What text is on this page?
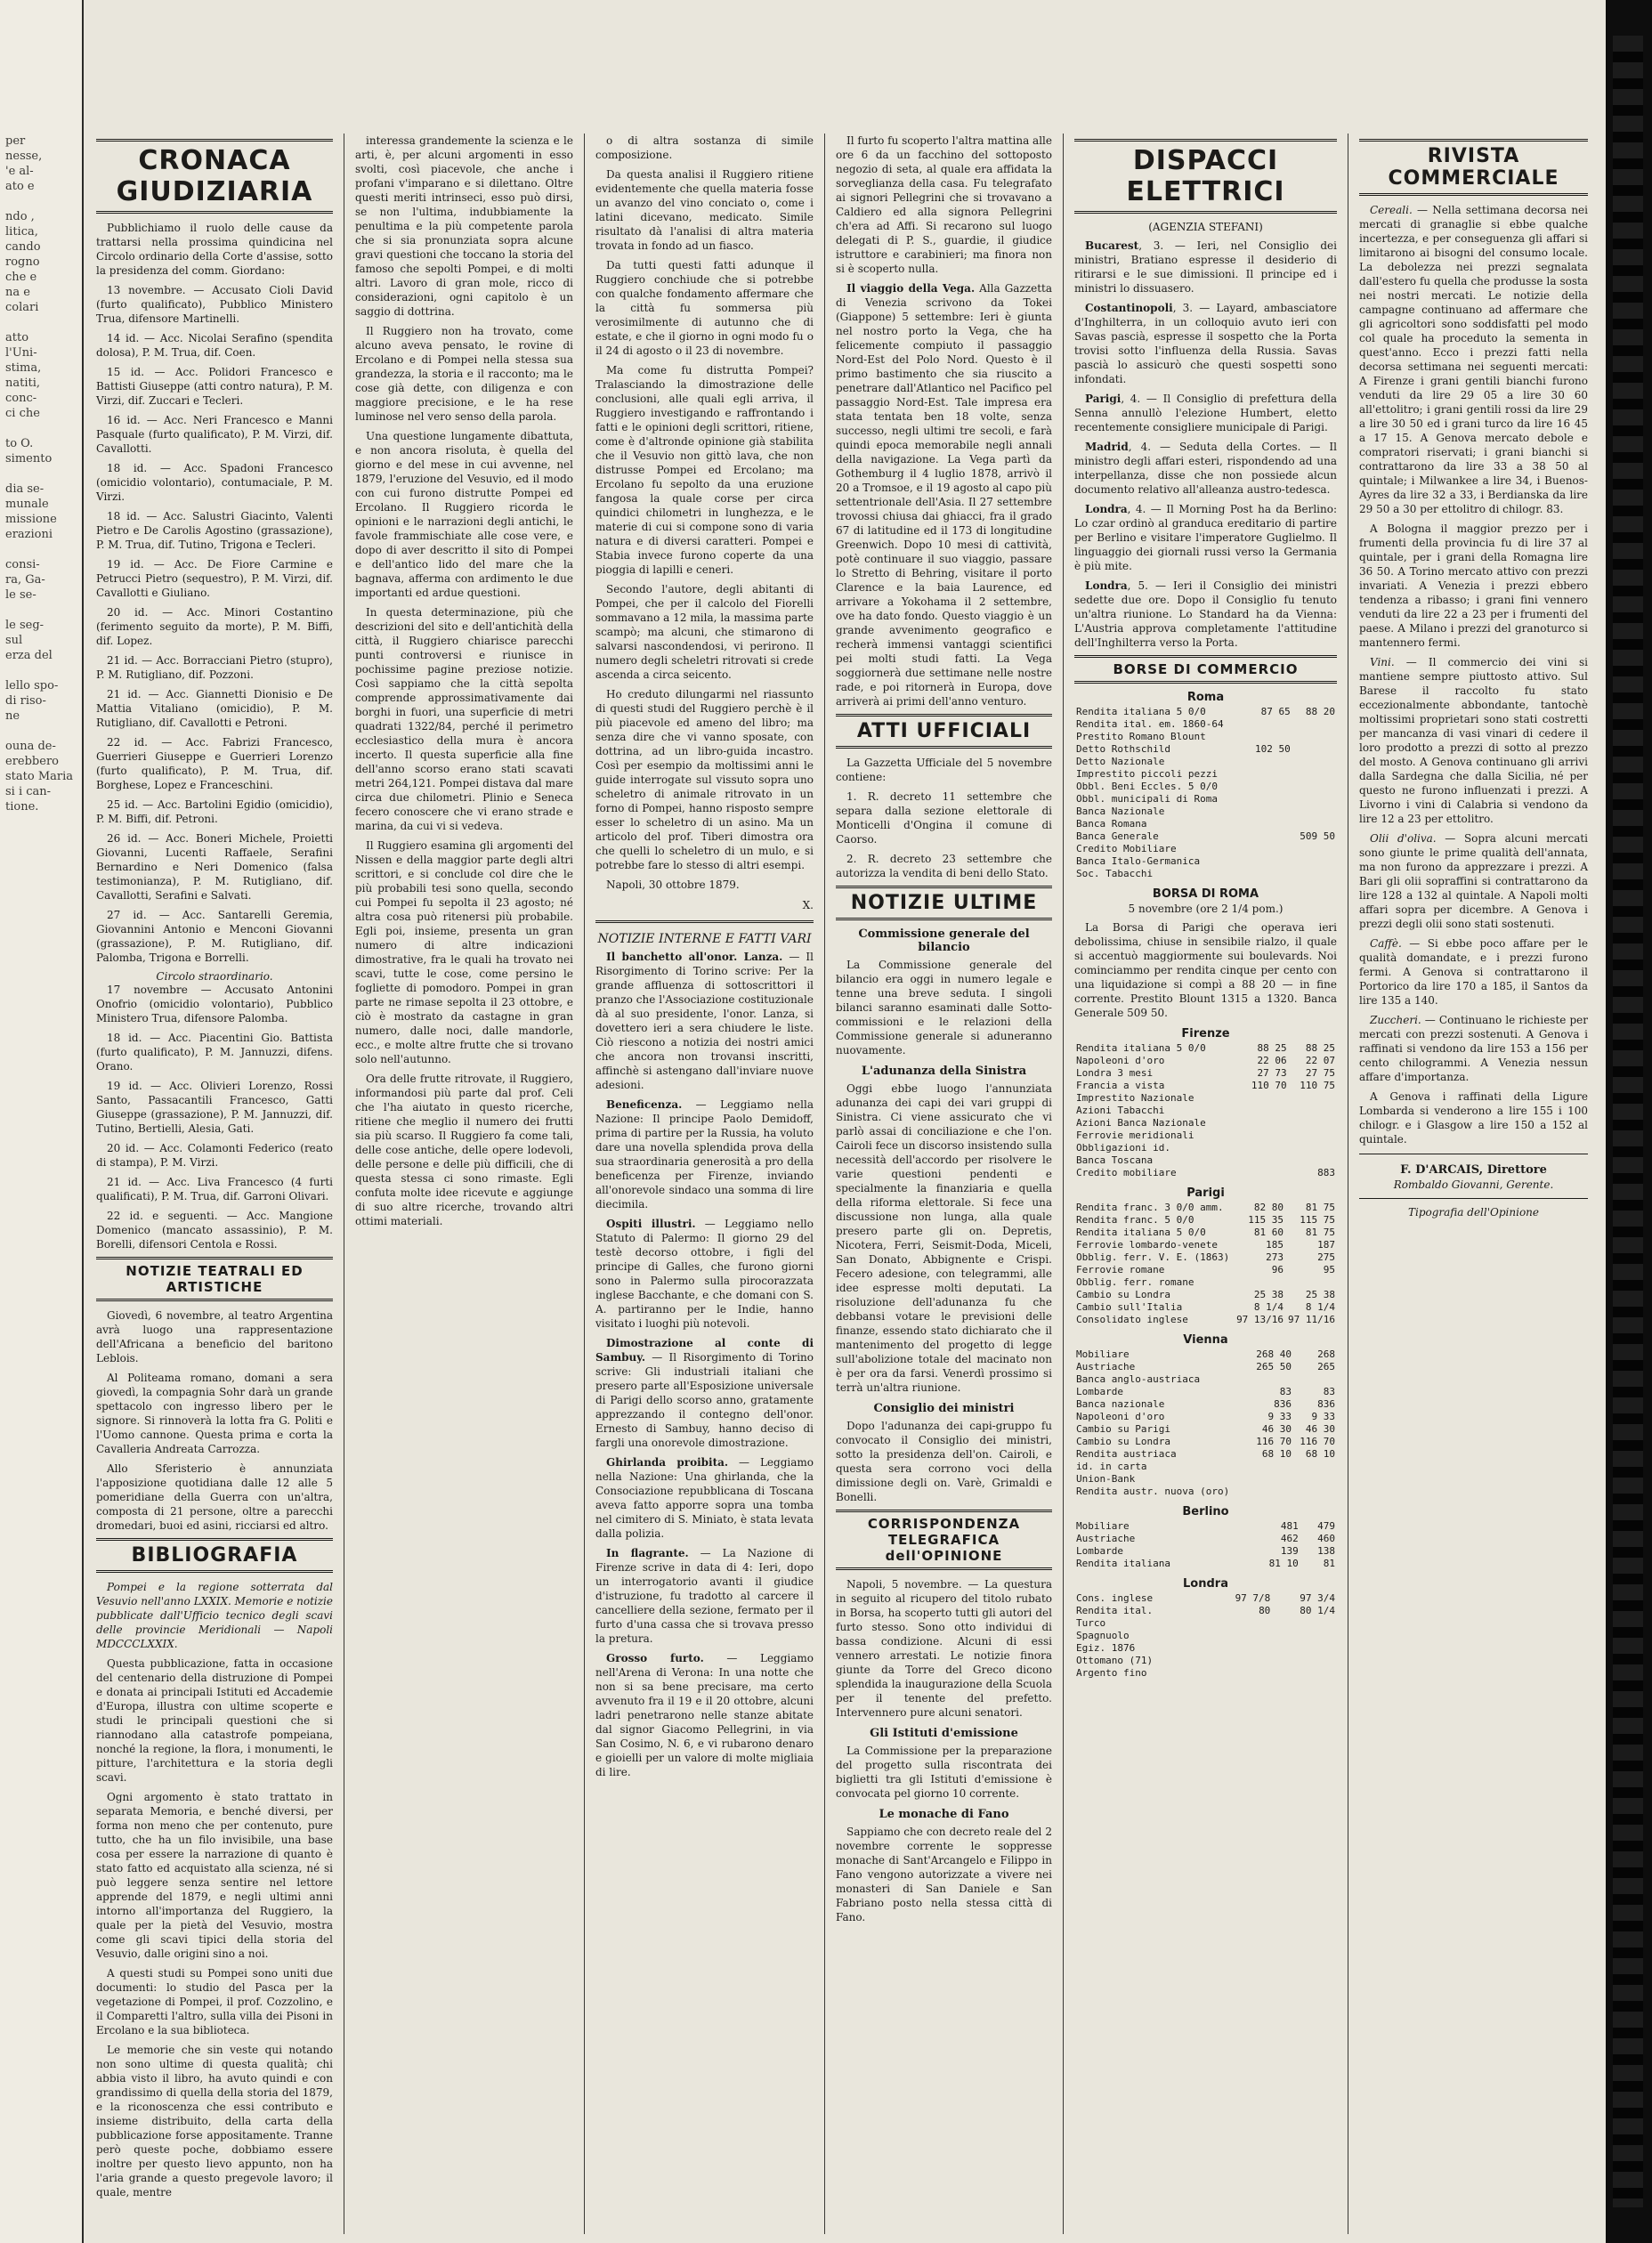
per
nesse,
'e al-
ato e

ndo ,
litica,
cando
rogno
che e
na e
colari

atto
l'Uni-
stima,
natiti,
conc-
ci che

to O.
simento

dia se-
munale
missione
erazioni

consi-
ra, Ga-
le se-

le seg-
sul
erza del

lello spo-
di riso-
ne

ouna de-
erebbero
stato Maria
si i can-
tione.
CRONACA GIUDIZIARIA

Pubblichiamo il ruolo delle cause da trattarsi nella prossima quindicina nel Circolo ordinario della Corte d'assise, sotto la presidenza del comm. Giordano:

13 novembre. — Accusato Cioli David (furto qualificato), Pubblico Ministero Trua, difensore Martinelli.

14 id. — Acc. Nicolai Serafino (spendita dolosa), P. M. Trua, dif. Coen.

15 id. — Acc. Polidori Francesco e Battisti Giuseppe (atti contro natura), P. M. Virzi, dif. Zuccari e Tecleri.

16 id. — Acc. Neri Francesco e Manni Pasquale (furto qualificato), P. M. Virzi, dif. Cavallotti.

18 id. — Acc. Spadoni Francesco (omicidio volontario), contumaciale, P. M. Virzi.

18 id. — Acc. Salustri Giacinto, Valenti Pietro e De Carolis Agostino (grassazione), P. M. Trua, dif. Tutino, Trigona e Tecleri.

19 id. — Acc. De Fiore Carmine e Petrucci Pietro (sequestro), P. M. Virzi, dif. Cavallotti e Giuliano.

20 id. — Acc. Minori Costantino (ferimento seguito da morte), P. M. Biffi, dif. Lopez.

21 id. — Acc. Borracciani Pietro (stupro), P. M. Rutigliano, dif. Pozzoni.

21 id. — Acc. Giannetti Dionisio e De Mattia Vitaliano (omicidio), P. M. Rutigliano, dif. Cavallotti e Petroni.

22 id. — Acc. Fabrizi Francesco, Guerrieri Giuseppe e Guerrieri Lorenzo (furto qualificato), P. M. Trua, dif. Borghese, Lopez e Franceschini.

25 id. — Acc. Bartolini Egidio (omicidio), P. M. Biffi, dif. Petroni.

26 id. — Acc. Boneri Michele, Proietti Giovanni, Lucenti Raffaele, Serafini Bernardino e Neri Domenico (falsa testimonianza), P. M. Rutigliano, dif. Cavallotti, Serafini e Salvati.

27 id. — Acc. Santarelli Geremia, Giovannini Antonio e Menconi Giovanni (grassazione), P. M. Rutigliano, dif. Palomba, Trigona e Borrelli.

Circolo straordinario.

17 novembre — Accusato Antonini Onofrio (omicidio volontario), Pubblico Ministero Trua, difensore Palomba.

18 id. — Acc. Piacentini Gio. Battista (furto qualificato), P. M. Jannuzzi, difens. Orano.

19 id. — Acc. Olivieri Lorenzo, Rossi Santo, Passacantili Francesco, Gatti Giuseppe (grassazione), P. M. Jannuzzi, dif. Tutino, Bertielli, Alesia, Gati.

20 id. — Acc. Colamonti Federico (reato di stampa), P. M. Virzi.

21 id. — Acc. Liva Francesco (4 furti qualificati), P. M. Trua, dif. Garroni Olivari.

22 id. e seguenti. — Acc. Mangione Domenico (mancato assassinio), P. M. Borelli, difensori Centola e Rossi.

NOTIZIE TEATRALI ED ARTISTICHE

Giovedì, 6 novembre, al teatro Argentina avrà luogo una rappresentazione dell'Africana a beneficio del baritono Leblois.

Al Politeama romano, domani a sera giovedì, la compagnia Sohr darà un grande spettacolo con ingresso libero per le signore. Si rinnoverà la lotta fra G. Politi e l'Uomo cannone. Questa prima e corta la Cavalleria Andreata Carrozza.

Allo Sferisterio è annunziata l'apposizione quotidiana dalle 12 alle 5 pomeridiane della Guerra con un'altra, composta di 21 persone, oltre a parecchi dromedari, buoi ed asini, ricciarsi ed altro.

BIBLIOGRAFIA

Pompei e la regione sotterrata dal Vesuvio nell'anno LXXIX. Memorie e notizie pubblicate dall'Ufficio tecnico degli scavi delle provincie Meridionali — Napoli MDCCCLXXIX.

Questa pubblicazione, fatta in occasione del centenario della distruzione di Pompei e donata ai principali Istituti ed Accademie d'Europa, illustra con ultime scoperte e studi le principali questioni che si riannodano alla catastrofe pompeiana, nonché la regione, la flora, i monumenti, le pitture, l'architettura e la storia degli scavi.

Ogni argomento è stato trattato in separata Memoria, e benché diversi, per forma non meno che per contenuto, pure tutto, che ha un filo invisibile, una base cosa per essere la narrazione di quanto è stato fatto ed acquistato alla scienza, né si può leggere senza sentire nel lettore apprende del 1879, e negli ultimi anni intorno all'importanza del Ruggiero, la quale per la pietà del Vesuvio, mostra come gli scavi tipici della storia del Vesuvio, dalle origini sino a noi.

A questi studi su Pompei sono uniti due documenti: lo studio del Pasca per la vegetazione di Pompei, il prof. Cozzolino, e il Comparetti l'altro, sulla villa dei Pisoni in Ercolano e la sua biblioteca.

Le memorie che sin veste qui notando non sono ultime di questa qualità; chi abbia visto il libro, ha avuto quindi e con grandissimo di quella della storia del 1879, e la riconoscenza che essi contributo e insieme distribuito, della carta della pubblicazione forse appositamente. Tranne però queste poche, dobbiamo essere inoltre per questo lievo appunto, non ha l'aria grande a questo pregevole lavoro; il quale, mentre

interessa grandemente la scienza e le arti, è, per alcuni argomenti in esso svolti, così piacevole, che anche i profani v'imparano e si dilettano. Oltre questi meriti intrinseci, esso può dirsi, se non l'ultima, indubbiamente la penultima e la più competente parola che si sia pronunziata sopra alcune gravi questioni che toccano la storia del famoso che sepolti Pompei, e di molti altri. Lavoro di gran mole, ricco di considerazioni, ogni capitolo è un saggio di dottrina.

Il Ruggiero non ha trovato, come alcuno aveva pensato, le rovine di Ercolano e di Pompei nella stessa sua grandezza, la storia e il racconto; ma le cose già dette, con diligenza e con maggiore precisione, e le ha rese luminose nel vero senso della parola.

Una questione lungamente dibattuta, e non ancora risoluta, è quella del giorno e del mese in cui avvenne, nel 1879, l'eruzione del Vesuvio, ed il modo con cui furono distrutte Pompei ed Ercolano. Il Ruggiero ricorda le opinioni e le narrazioni degli antichi, le favole frammischiate alle cose vere, e dopo di aver descritto il sito di Pompei e dell'antico lido del mare che la bagnava, afferma con ardimento le due importanti ed ardue questioni.

In questa determinazione, più che descrizioni del sito e dell'antichità della città, il Ruggiero chiarisce parecchi punti controversi e riunisce in pochissime pagine preziose notizie. Così sappiamo che la città sepolta comprende approssimativamente dai borghi in fuori, una superficie di metri quadrati 1322/84, perché il perimetro ecclesiastico della mura è ancora incerto. Il questa superficie alla fine dell'anno scorso erano stati scavati metri 264,121. Pompei distava dal mare circa due chilometri. Plinio e Seneca fecero conoscere che vi erano strade e marina, da cui vi si vedeva.

Il Ruggiero esamina gli argomenti del Nissen e della maggior parte degli altri scrittori, e si conclude col dire che le più probabili tesi sono quella, secondo cui Pompei fu sepolta il 23 agosto; né altra cosa può ritenersi più probabile. Egli poi, insieme, presenta un gran numero di altre indicazioni dimostrative, fra le quali ha trovato nei scavi, tutte le cose, come persino le fogliette di pomodoro. Pompei in gran parte ne rimase sepolta il 23 ottobre, e ciò è mostrato da castagne in gran numero, dalle noci, dalle mandorle, ecc., e molte altre frutte che si trovano solo nell'autunno.

Ora delle frutte ritrovate, il Ruggiero, informandosi più parte dal prof. Celi che l'ha aiutato in questo ricerche, ritiene che meglio il numero dei frutti sia più scarso. Il Ruggiero fa come tali, delle cose antiche, delle opere lodevoli, delle persone e delle più difficili, che di questa stessa ci sono rimaste. Egli confuta molte idee ricevute e aggiunge di suo altre ricerche, trovando altri ottimi materiali.

o di altra sostanza di simile composizione.

Da questa analisi il Ruggiero ritiene evidentemente che quella materia fosse un avanzo del vino conciato o, come i latini dicevano, medicato. Simile risultato dà l'analisi di altra materia trovata in fondo ad un fiasco.

Da tutti questi fatti adunque il Ruggiero conchiude che si potrebbe con qualche fondamento affermare che la città fu sommersa più verosimilmente di autunno che di estate, e che il giorno in ogni modo fu o il 24 di agosto o il 23 di novembre.

Ma come fu distrutta Pompei? Tralasciando la dimostrazione delle conclusioni, alle quali egli arriva, il Ruggiero investigando e raffrontando i fatti e le opinioni degli scrittori, ritiene, come è d'altronde opinione già stabilita che il Vesuvio non gittò lava, che non distrusse Pompei ed Ercolano; ma Ercolano fu sepolto da una eruzione fangosa la quale corse per circa quindici chilometri in lunghezza, e le materie di cui si compone sono di varia natura e di diversi caratteri. Pompei e Stabia invece furono coperte da una pioggia di lapilli e ceneri.

Secondo l'autore, degli abitanti di Pompei, che per il calcolo del Fiorelli sommavano a 12 mila, la massima parte scampò; ma alcuni, che stimarono di salvarsi nascondendosi, vi perirono. Il numero degli scheletri ritrovati si crede ascenda a circa seicento.

Ho creduto dilungarmi nel riassunto di questi studi del Ruggiero perchè è il più piacevole ed ameno del libro; ma senza dire che vi vanno sposate, con dottrina, ad un libro-guida incastro. Così per esempio da moltissimi anni le guide interrogate sul vissuto sopra uno scheletro di animale ritrovato in un forno di Pompei, hanno risposto sempre esser lo scheletro di un asino. Ma un articolo del prof. Tiberi dimostra ora che quelli lo scheletro di un mulo, e si potrebbe fare lo stesso di altri esempi.

Napoli, 30 ottobre 1879.

X.
NOTIZIE INTERNE E FATTI VARI

Il banchetto all'onor. Lanza. — Il Risorgimento di Torino scrive: Per la grande affluenza di sottoscrittori il pranzo che l'Associazione costituzionale dà al suo presidente, l'onor. Lanza, si dovettero ieri a sera chiudere le liste. Ciò riescono a notizia dei nostri amici che ancora non trovansi inscritti, affinchè si astengano dall'inviare nuove adesioni.

Beneficenza. — Leggiamo nella Nazione: Il principe Paolo Demidoff, prima di partire per la Russia, ha voluto dare una novella splendida prova della sua straordinaria generosità a pro della beneficenza per Firenze, inviando all'onorevole sindaco una somma di lire diecimila.

Ospiti illustri. — Leggiamo nello Statuto di Palermo: Il giorno 29 del testè decorso ottobre, i figli del principe di Galles, che furono giorni sono in Palermo sulla pirocorazzata inglese Bacchante, e che domani con S. A. partiranno per le Indie, hanno visitato i luoghi più notevoli.

Dimostrazione al conte di Sambuy. — Il Risorgimento di Torino scrive: Gli industriali italiani che presero parte all'Esposizione universale di Parigi dello scorso anno, gratamente apprezzando il contegno dell'onor. Ernesto di Sambuy, hanno deciso di fargli una onorevole dimostrazione.

Ghirlanda proibita. — Leggiamo nella Nazione: Una ghirlanda, che la Consociazione repubblicana di Toscana aveva fatto apporre sopra una tomba nel cimitero di S. Miniato, è stata levata dalla polizia.

In flagrante. — La Nazione di Firenze scrive in data di 4: Ieri, dopo un interrogatorio avanti il giudice d'istruzione, fu tradotto al carcere il cancelliere della sezione, fermato per il furto d'una cassa che si trovava presso la pretura.

Grosso furto. — Leggiamo nell'Arena di Verona: In una notte che non si sa bene precisare, ma certo avvenuto fra il 19 e il 20 ottobre, alcuni ladri penetrarono nelle stanze abitate dal signor Giacomo Pellegrini, in via San Cosimo, N. 6, e vi rubarono denaro e gioielli per un valore di molte migliaia di lire.

Il furto fu scoperto l'altra mattina alle ore 6 da un facchino del sottoposto negozio di seta, al quale era affidata la sorveglianza della casa. Fu telegrafato ai signori Pellegrini che si trovavano a Caldiero ed alla signora Pellegrini ch'era ad Affi. Si recarono sul luogo delegati di P. S., guardie, il giudice istruttore e carabinieri; ma finora non si è scoperto nulla.

Il viaggio della Vega. Alla Gazzetta di Venezia scrivono da Tokei (Giappone) 5 settembre: Ieri è giunta nel nostro porto la Vega, che ha felicemente compiuto il passaggio Nord-Est del Polo Nord. Questo è il primo bastimento che sia riuscito a penetrare dall'Atlantico nel Pacifico pel passaggio Nord-Est. Tale impresa era stata tentata ben 18 volte, senza successo, negli ultimi tre secoli, e farà quindi epoca memorabile negli annali della navigazione. La Vega partì da Gothemburg il 4 luglio 1878, arrivò il 20 a Tromsoe, e il 19 agosto al capo più settentrionale dell'Asia. Il 27 settembre trovossi chiusa dai ghiacci, fra il grado 67 di latitudine ed il 173 di longitudine Greenwich. Dopo 10 mesi di cattività, potè continuare il suo viaggio, passare lo Stretto di Behring, visitare il porto Clarence e la baia Laurence, ed arrivare a Yokohama il 2 settembre, ove ha dato fondo. Questo viaggio è un grande avvenimento geografico e recherà immensi vantaggi scientifici pei molti studi fatti. La Vega soggiornerà due settimane nelle nostre rade, e poi ritornerà in Europa, dove arriverà ai primi dell'anno venturo.

ATTI UFFICIALI

La Gazzetta Ufficiale del 5 novembre contiene:

1. R. decreto 11 settembre che separa dalla sezione elettorale di Monticelli d'Ongina il comune di Caorso.

2. R. decreto 23 settembre che autorizza la vendita di beni dello Stato.

NOTIZIE ULTIME
Commissione generale del bilancio

La Commissione generale del bilancio era oggi in numero legale e tenne una breve seduta. I singoli bilanci saranno esaminati dalle Sotto-commissioni e le relazioni della Commissione generale si aduneranno nuovamente.

L'adunanza della Sinistra

Oggi ebbe luogo l'annunziata adunanza dei capi dei vari gruppi di Sinistra. Ci viene assicurato che vi parlò assai di conciliazione e che l'on. Cairoli fece un discorso insistendo sulla necessità dell'accordo per risolvere le varie questioni pendenti e specialmente la finanziaria e quella della riforma elettorale. Si fece una discussione non lunga, alla quale presero parte gli on. Depretis, Nicotera, Ferri, Seismit-Doda, Miceli, San Donato, Abbignente e Crispi. Fecero adesione, con telegrammi, alle idee espresse molti deputati. La risoluzione dell'adunanza fu che debbansi votare le previsioni delle finanze, essendo stato dichiarato che il mantenimento del progetto di legge sull'abolizione totale del macinato non è per ora da farsi. Venerdì prossimo si terrà un'altra riunione.

Consiglio dei ministri

Dopo l'adunanza dei capi-gruppo fu convocato il Consiglio dei ministri, sotto la presidenza dell'on. Cairoli, e questa sera corrono voci della dimissione degli on. Varè, Grimaldi e Bonelli.

CORRISPONDENZA TELEGRAFICA dell'OPINIONE

Napoli, 5 novembre. — La questura in seguito al ricupero del titolo rubato in Borsa, ha scoperto tutti gli autori del furto stesso. Sono otto individui di bassa condizione. Alcuni di essi vennero arrestati. Le notizie finora giunte da Torre del Greco dicono splendida la inaugurazione della Scuola per il tenente del prefetto. Intervennero pure alcuni senatori.

Gli Istituti d'emissione

La Commissione per la preparazione del progetto sulla riscontrata dei biglietti tra gli Istituti d'emissione è convocata pel giorno 10 corrente.

Le monache di Fano

Sappiamo che con decreto reale del 2 novembre corrente le soppresse monache di Sant'Arcangelo e Filippo in Fano vengono autorizzate a vivere nei monasteri di San Daniele e San Fabriano posto nella stessa città di Fano.

DISPACCI ELETTRICI
(AGENZIA STEFANI)

Bucarest, 3. — Ieri, nel Consiglio dei ministri, Bratiano espresse il desiderio di ritirarsi e le sue dimissioni. Il principe ed i ministri lo dissuasero.

Costantinopoli, 3. — Layard, ambasciatore d'Inghilterra, in un colloquio avuto ieri con Savas pascià, espresse il sospetto che la Porta trovisi sotto l'influenza della Russia. Savas pascià lo assicurò che questi sospetti sono infondati.

Parigi, 4. — Il Consiglio di prefettura della Senna annullò l'elezione Humbert, eletto recentemente consigliere municipale di Parigi.

Madrid, 4. — Seduta della Cortes. — Il ministro degli affari esteri, rispondendo ad una interpellanza, disse che non possiede alcun documento relativo all'alleanza austro-tedesca.

Londra, 4. — Il Morning Post ha da Berlino: Lo czar ordinò al granduca ereditario di partire per Berlino e visitare l'imperatore Guglielmo. Il linguaggio dei giornali russi verso la Germania è più mite.

Londra, 5. — Ieri il Consiglio dei ministri sedette due ore. Dopo il Consiglio fu tenuto un'altra riunione. Lo Standard ha da Vienna: L'Austria approva completamente l'attitudine dell'Inghilterra verso la Porta.

BORSE DI COMMERCIO
Roma
Rendita italiana 5 0/0	87 65	88 20
Rendita ital. em. 1860-64		
Prestito Romano Blount		
Detto Rothschild	102 50	
Detto Nazionale		
Imprestito piccoli pezzi		
Obbl. Beni Eccles. 5 0/0		
Obbl. municipali di Roma		
Banca Nazionale		
Banca Romana		
Banca Generale		509 50
Credito Mobiliare		
Banca Italo-Germanica		
Soc. Tabacchi		
BORSA DI ROMA
5 novembre (ore 2 1/4 pom.)

La Borsa di Parigi che operava ieri debolissima, chiuse in sensibile rialzo, il quale si accentuò maggiormente sui boulevards. Noi cominciammo per rendita cinque per cento con una liquidazione si compì a 88 20 — in fine corrente. Prestito Blount 1315 a 1320. Banca Generale 509 50.

Firenze
Rendita italiana 5 0/0	88 25	88 25
Napoleoni d'oro	22 06	22 07
Londra 3 mesi	27 73	27 75
Francia a vista	110 70	110 75
Imprestito Nazionale		
Azioni Tabacchi		
Azioni Banca Nazionale		
Ferrovie meridionali		
Obbligazioni id.		
Banca Toscana		
Credito mobiliare		883
Parigi
Rendita franc. 3 0/0 amm.	82 80	81 75
Rendita franc. 5 0/0	115 35	115 75
Rendita italiana 5 0/0	81 60	81 75
Ferrovie lombardo-venete	185	187
Obblig. ferr. V. E. (1863)	273	275
Ferrovie romane	96	95
Obblig. ferr. romane		
Cambio su Londra	25 38	25 38
Cambio sull'Italia	8 1/4	8 1/4
Consolidato inglese	97 13/16	97 11/16
Vienna
Mobiliare	268 40	268
Austriache	265 50	265
Banca anglo-austriaca		
Lombarde	83	83
Banca nazionale	836	836
Napoleoni d'oro	9 33	9 33
Cambio su Parigi	46 30	46 30
Cambio su Londra	116 70	116 70
Rendita austriaca	68 10	68 10
id. in carta		
Union-Bank		
Rendita austr. nuova (oro)		
Berlino
Mobiliare	481	479
Austriache	462	460
Lombarde	139	138
Rendita italiana	81 10	81
Londra
Cons. inglese	97 7/8	97 3/4
Rendita ital.	80	80 1/4
Turco		
Spagnuolo		
Egiz. 1876		
Ottomano (71)		
Argento fino		
RIVISTA COMMERCIALE

Cereali. — Nella settimana decorsa nei mercati di granaglie si ebbe qualche incertezza, e per conseguenza gli affari si limitarono ai bisogni del consumo locale. La debolezza nei prezzi segnalata dall'estero fu quella che produsse la sosta nei nostri mercati. Le notizie della campagne continuano ad affermare che gli agricoltori sono soddisfatti pel modo col quale ha proceduto la sementa in quest'anno. Ecco i prezzi fatti nella decorsa settimana nei seguenti mercati: A Firenze i grani gentili bianchi furono venduti da lire 29 05 a lire 30 60 all'ettolitro; i grani gentili rossi da lire 29 a lire 30 50 ed i grani turco da lire 16 45 a 17 15. A Genova mercato debole e compratori riservati; i grani bianchi si contrattarono da lire 33 a 38 50 al quintale; i Milwankee a lire 34, i Buenos-Ayres da lire 32 a 33, i Berdianska da lire 29 50 a 30 per ettolitro di chilogr. 83.

A Bologna il maggior prezzo per i frumenti della provincia fu di lire 37 al quintale, per i grani della Romagna lire 36 50. A Torino mercato attivo con prezzi invariati. A Venezia i prezzi ebbero tendenza a ribasso; i grani fini vennero venduti da lire 22 a 23 per i frumenti del paese. A Milano i prezzi del granoturco si mantennero fermi.

Vini. — Il commercio dei vini si mantiene sempre piuttosto attivo. Sul Barese il raccolto fu stato eccezionalmente abbondante, tantochè moltissimi proprietari sono stati costretti per mancanza di vasi vinari di cedere il loro prodotto a prezzi di sotto al prezzo del mosto. A Genova continuano gli arrivi dalla Sardegna che dalla Sicilia, né per questo ne furono influenzati i prezzi. A Livorno i vini di Calabria si vendono da lire 12 a 23 per ettolitro.

Olii d'oliva. — Sopra alcuni mercati sono giunte le prime qualità dell'annata, ma non furono da apprezzare i prezzi. A Bari gli olii sopraffini si contrattarono da lire 128 a 132 al quintale. A Napoli molti affari sopra per dicembre. A Genova i prezzi degli olii sono stati sostenuti.

Caffè. — Si ebbe poco affare per le qualità domandate, e i prezzi furono fermi. A Genova si contrattarono il Portorico da lire 170 a 185, il Santos da lire 135 a 140.

Zuccheri. — Continuano le richieste per mercati con prezzi sostenuti. A Genova i raffinati si vendono da lire 153 a 156 per cento chilogrammi. A Venezia nessun affare d'importanza.

A Genova i raffinati della Ligure Lombarda si venderono a lire 155 i 100 chilogr. e i Glasgow a lire 150 a 152 al quintale.

F. D'ARCAIS, Direttore
Rombaldo Giovanni, Gerente.
Tipografia dell'Opinione
